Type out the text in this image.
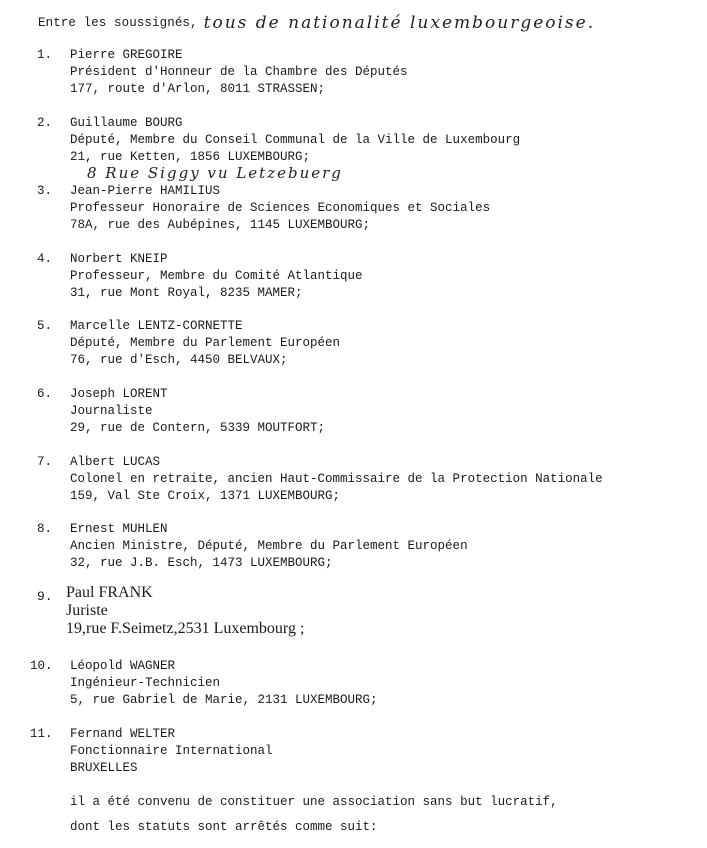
Entre les soussignés, tous de nationalité luxembourgeoise.
1.	Pierre GREGOIRE
Président d'Honneur de la Chambre des Députés
177, route d'Arlon, 8011 STRASSEN;
2.	Guillaume BOURG
Député, Membre du Conseil Communal de la Ville de Luxembourg
21, rue Ketten, 1856 LUXEMBOURG;
8 Rue Siggy vu Letzebuerg
3.	Jean-Pierre HAMILIUS
Professeur Honoraire de Sciences Economiques et Sociales
78A, rue des Aubépines, 1145 LUXEMBOURG;
4.	Norbert KNEIP
Professeur, Membre du Comité Atlantique
31, rue Mont Royal, 8235 MAMER;
5.	Marcelle LENTZ-CORNETTE
Député, Membre du Parlement Européen
76, rue d'Esch, 4450 BELVAUX;
6.	Joseph LORENT
Journaliste
29, rue de Contern, 5339 MOUTFORT;
7.	Albert LUCAS
Colonel en retraite, ancien Haut-Commissaire de la Protection Nationale
159, Val Ste Croix, 1371 LUXEMBOURG;
8.	Ernest MUHLEN
Ancien Ministre, Député, Membre du Parlement Européen
32, rue J.B. Esch, 1473 LUXEMBOURG;
9. Paul FRANK
Juriste
19,rue F.Seimetz,2531 Luxembourg ;
10. Léopold WAGNER
Ingénieur-Technicien
5, rue Gabriel de Marie, 2131 LUXEMBOURG;
11. Fernand WELTER
Fonctionnaire International
BRUXELLES
il a été convenu de constituer une association sans but lucratif,
dont les statuts sont arrêtés comme suit:
